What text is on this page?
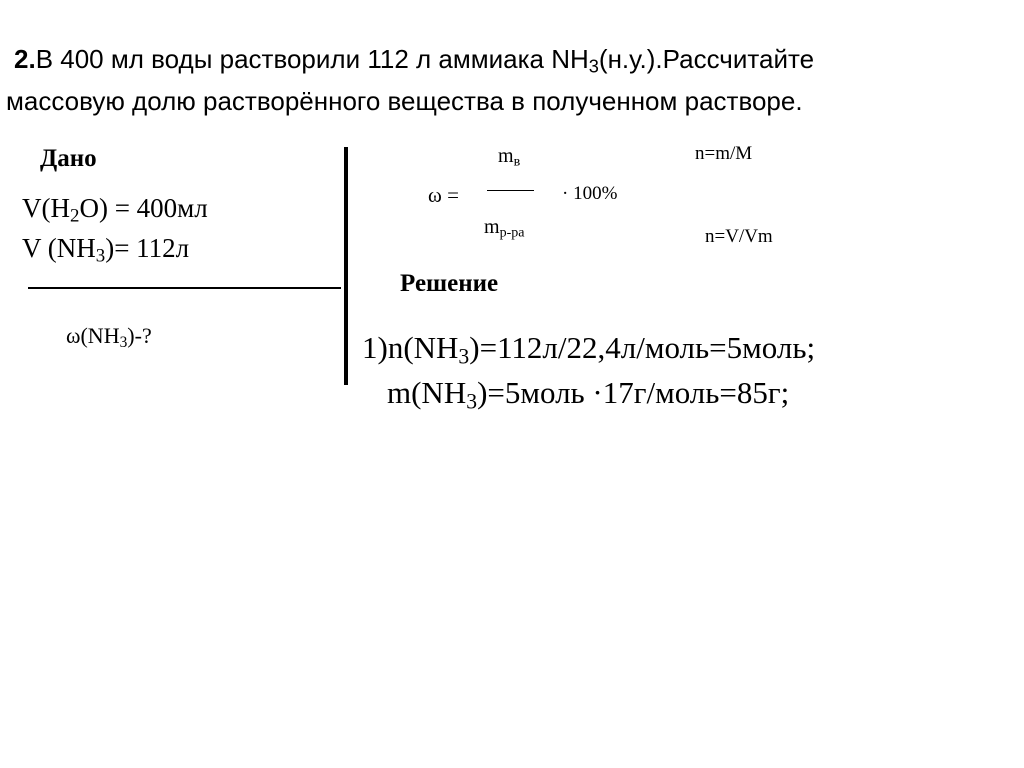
2.В 400 мл воды растворили 112 л аммиака $NH_3(н.у.).Рассчитайте$
массовую долю растворённого вещества в полученном растворе.
Дано
$V(H_2O) = 400мл$
V $(NH_3)= 112л$
$\omega(NH_3)-$?
ω =
$m_в$
$m_{р-ра}$
· 100%
n=m/M
n=V/Vm
Решение
$1)n(NH_3)=112л/22,4л/моль=5моль$;
$m(NH_3)=5моль$ ·17г/моль=85г;
